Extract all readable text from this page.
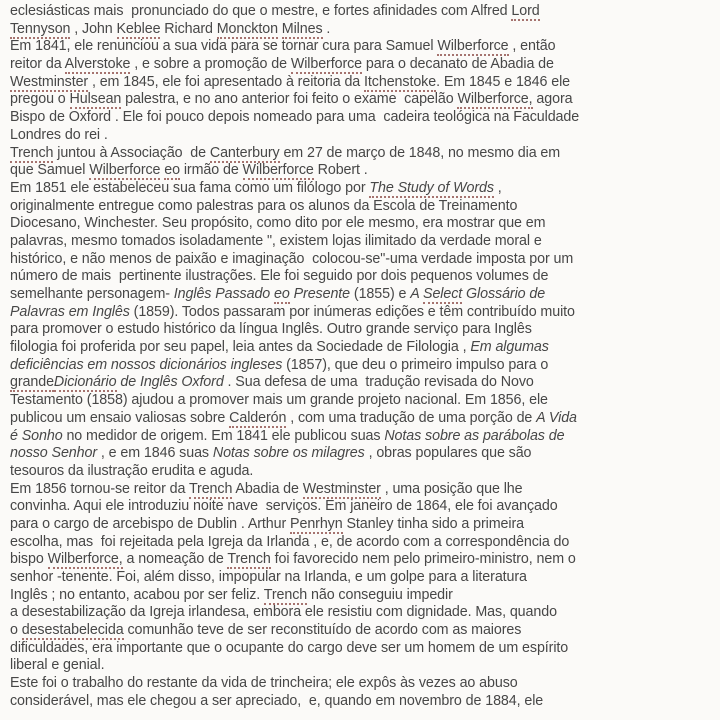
eclesiásticas mais  pronunciado do que o mestre, e fortes afinidades com Alfred Lord
Tennyson , John Keblee Richard Monckton Milnes .
Em 1841, ele renunciou a sua vida para se tornar cura para Samuel Wilberforce , então
reitor da Alverstoke , e sobre a promoção de Wilberforce para o decanato de Abadia de
Westminster , em 1845, ele foi apresentado à reitoria da Itchenstoke. Em 1845 e 1846 ele
pregou o Hulsean palestra, e no ano anterior foi feito o exame  capelão Wilberforce, agora
Bispo de Oxford . Ele foi pouco depois nomeado para uma  cadeira teológica na Faculdade
Londres do rei .
Trench juntou à Associação  de Canterbury em 27 de março de 1848, no mesmo dia em
que Samuel Wilberforce eo irmão de Wilberforce Robert .
Em 1851 ele estabeleceu sua fama como um filólogo por The Study of Words ,
originalmente entregue como palestras para os alunos da Escola de Treinamento
Diocesano, Winchester. Seu propósito, como dito por ele mesmo, era mostrar que em
palavras, mesmo tomados isoladamente ", existem lojas ilimitado da verdade moral e
histórico, e não menos de paixão e imaginação  colocou-se"-uma verdade imposta por um
número de mais  pertinente ilustrações. Ele foi seguido por dois pequenos volumes de
semelhante personagem- Inglês Passado eo Presente (1855) e A Select Glossário de
Palavras em Inglês (1859). Todos passaram por inúmeras edições e têm contribuído muito
para promover o estudo histórico da língua Inglês. Outro grande serviço para Inglês
filologia foi proferida por seu papel, leia antes da Sociedade de Filologia , Em algumas
deficiências em nossos dicionários ingleses (1857), que deu o primeiro impulso para o
grandeDicionário de Inglês Oxford . Sua defesa de uma  tradução revisada do Novo
Testamento (1858) ajudou a promover mais um grande projeto nacional. Em 1856, ele
publicou um ensaio valiosas sobre Calderón , com uma tradução de uma porção de A Vida
é Sonho no medidor de origem. Em 1841 ele publicou suas Notas sobre as parábolas de
nosso Senhor , e em 1846 suas Notas sobre os milagres , obras populares que são
tesouros da ilustração erudita e aguda.
Em 1856 tornou-se reitor da Trench Abadia de Westminster , uma posição que lhe
convinha. Aqui ele introduziu noite nave  serviços. Em janeiro de 1864, ele foi avançado
para o cargo de arcebispo de Dublin . Arthur Penrhyn Stanley tinha sido a primeira
escolha, mas  foi rejeitada pela Igreja da Irlanda , e, de acordo com a correspondência do
bispo Wilberforce, a nomeação de Trench foi favorecido nem pelo primeiro-ministro, nem o
senhor -tenente. Foi, além disso, impopular na Irlanda, e um golpe para a literatura
Inglês ; no entanto, acabou por ser feliz. Trench não conseguiu impedir
a desestabilização da Igreja irlandesa, embora ele resistiu com dignidade. Mas, quando
o desestabelecida comunhão teve de ser reconstituído de acordo com as maiores
dificuldades, era importante que o ocupante do cargo deve ser um homem de um espírito
liberal e genial.
Este foi o trabalho do restante da vida de trincheira; ele expôs às vezes ao abuso
considerável, mas ele chegou a ser apreciado,  e, quando em novembro de 1884, ele
